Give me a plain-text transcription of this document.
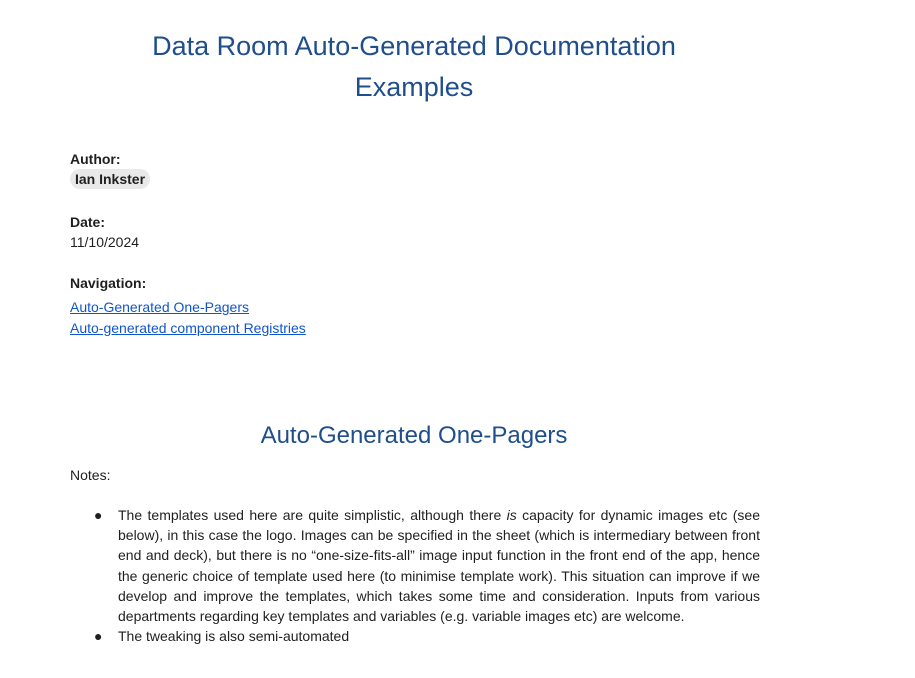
Data Room Auto-Generated Documentation Examples
Author:
Ian Inkster
Date:
11/10/2024
Navigation:
Auto-Generated One-Pagers
Auto-generated component Registries
Auto-Generated One-Pagers
Notes:
● The templates used here are quite simplistic, although there is capacity for dynamic images etc (see below), in this case the logo. Images can be specified in the sheet (which is intermediary between front end and deck), but there is no “one-size-fits-all” image input function in the front end of the app, hence the generic choice of template used here (to minimise template work). This situation can improve if we develop and improve the templates, which takes some time and consideration. Inputs from various departments regarding key templates and variables (e.g. variable images etc) are welcome.
● The tweaking is also semi-automated
